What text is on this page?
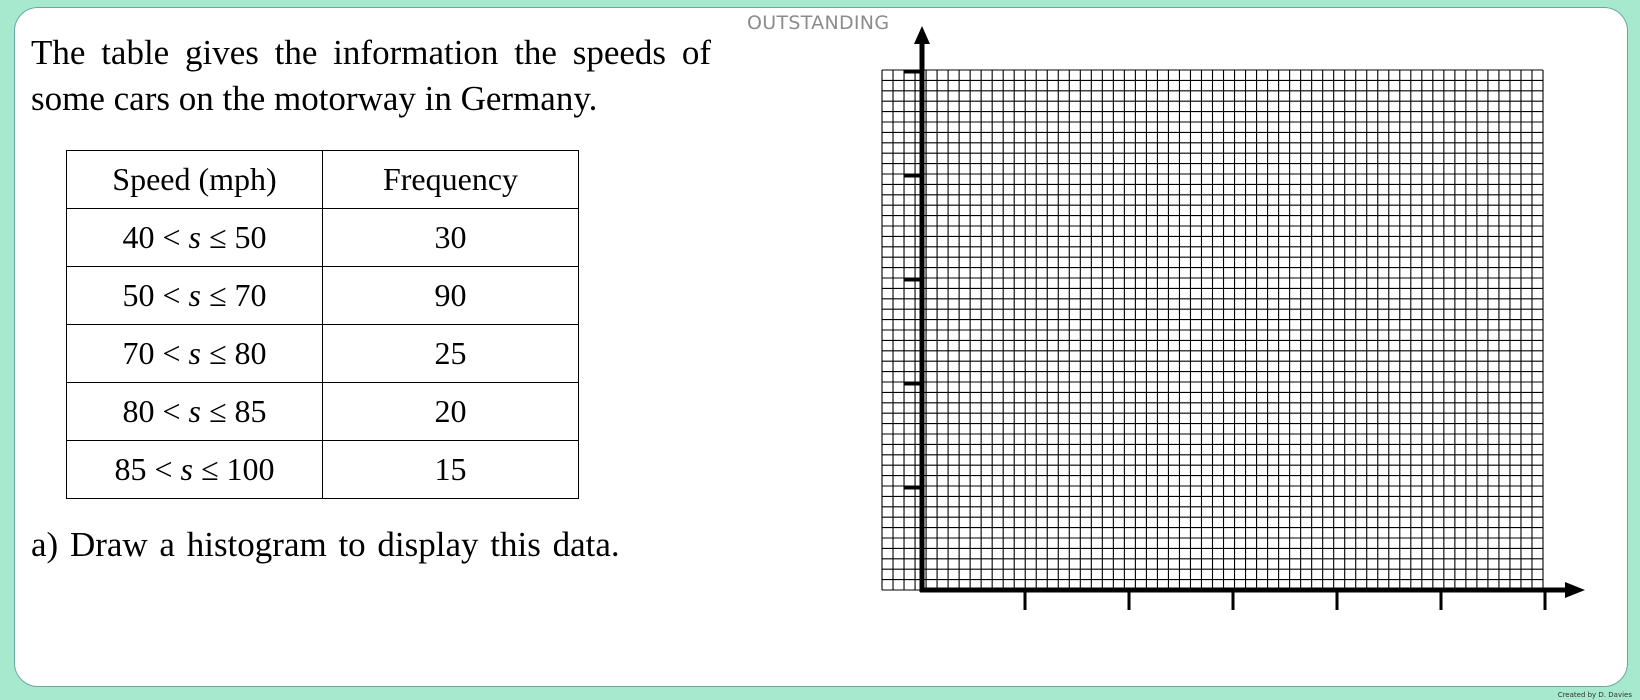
OUTSTANDING
The table gives the information the speeds of some cars on the motorway in Germany.
Speed (mph)	Frequency
40 < s ≤ 50	30
50 < s ≤ 70	90
70 < s ≤ 80	25
80 < s ≤ 85	20
85 < s ≤ 100	15
a) Draw a histogram to display this data.
Created by D. Davies
